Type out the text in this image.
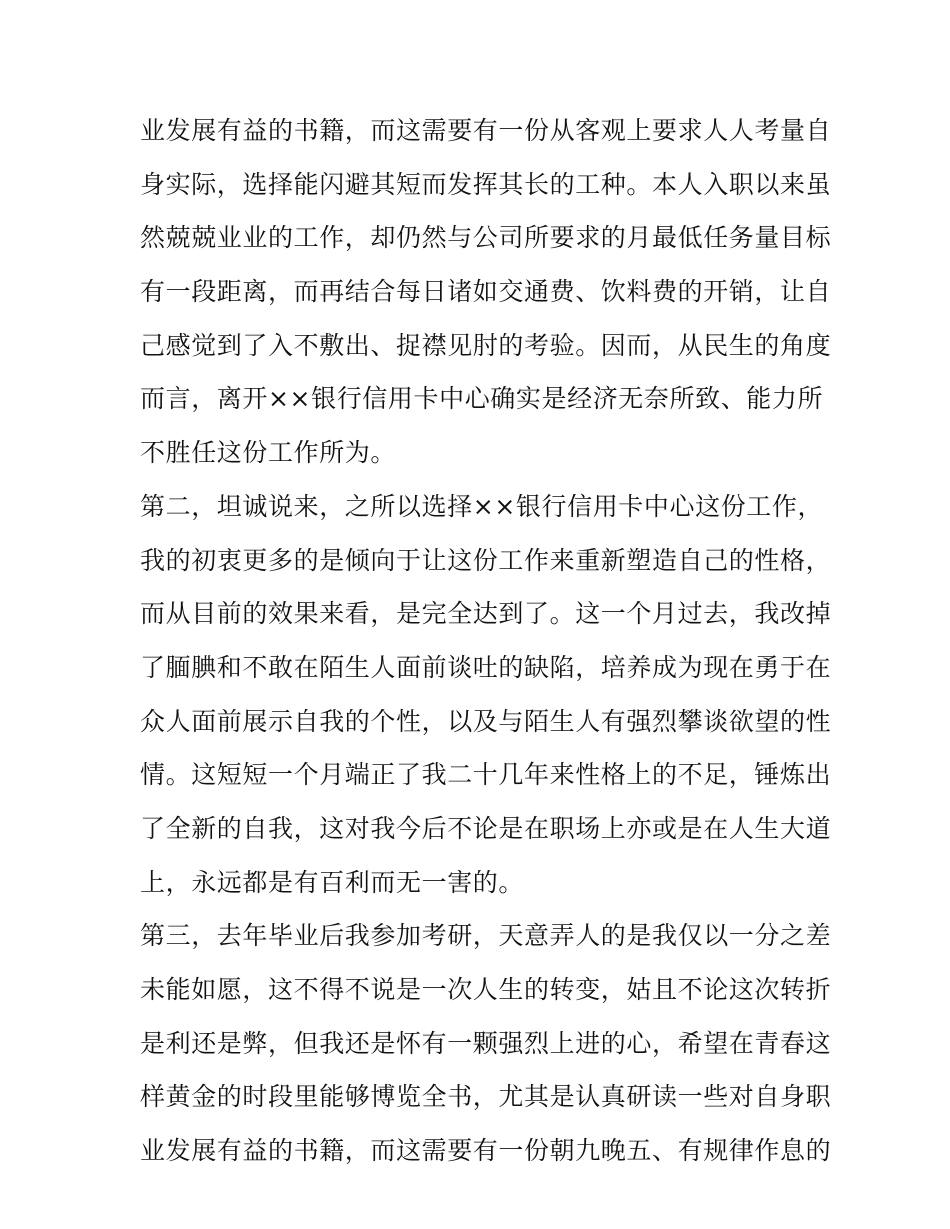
业发展有益的书籍，而这需要有一份从客观上要求人人考量自
身实际，选择能闪避其短而发挥其长的工种。本人入职以来虽
然兢兢业业的工作，却仍然与公司所要求的月最低任务量目标
有一段距离，而再结合每日诸如交通费、饮料费的开销，让自
己感觉到了入不敷出、捉襟见肘的考验。因而，从民生的角度
而言，离开××银行信用卡中心确实是经济无奈所致、能力所
不胜任这份工作所为。
第二，坦诚说来，之所以选择××银行信用卡中心这份工作，
我的初衷更多的是倾向于让这份工作来重新塑造自己的性格，
而从目前的效果来看，是完全达到了。这一个月过去，我改掉
了腼腆和不敢在陌生人面前谈吐的缺陷，培养成为现在勇于在
众人面前展示自我的个性，以及与陌生人有强烈攀谈欲望的性
情。这短短一个月端正了我二十几年来性格上的不足，锤炼出
了全新的自我，这对我今后不论是在职场上亦或是在人生大道
上，永远都是有百利而无一害的。
第三，去年毕业后我参加考研，天意弄人的是我仅以一分之差
未能如愿，这不得不说是一次人生的转变，姑且不论这次转折
是利还是弊，但我还是怀有一颗强烈上进的心，希望在青春这
样黄金的时段里能够博览全书，尤其是认真研读一些对自身职
业发展有益的书籍，而这需要有一份朝九晚五、有规律作息的
